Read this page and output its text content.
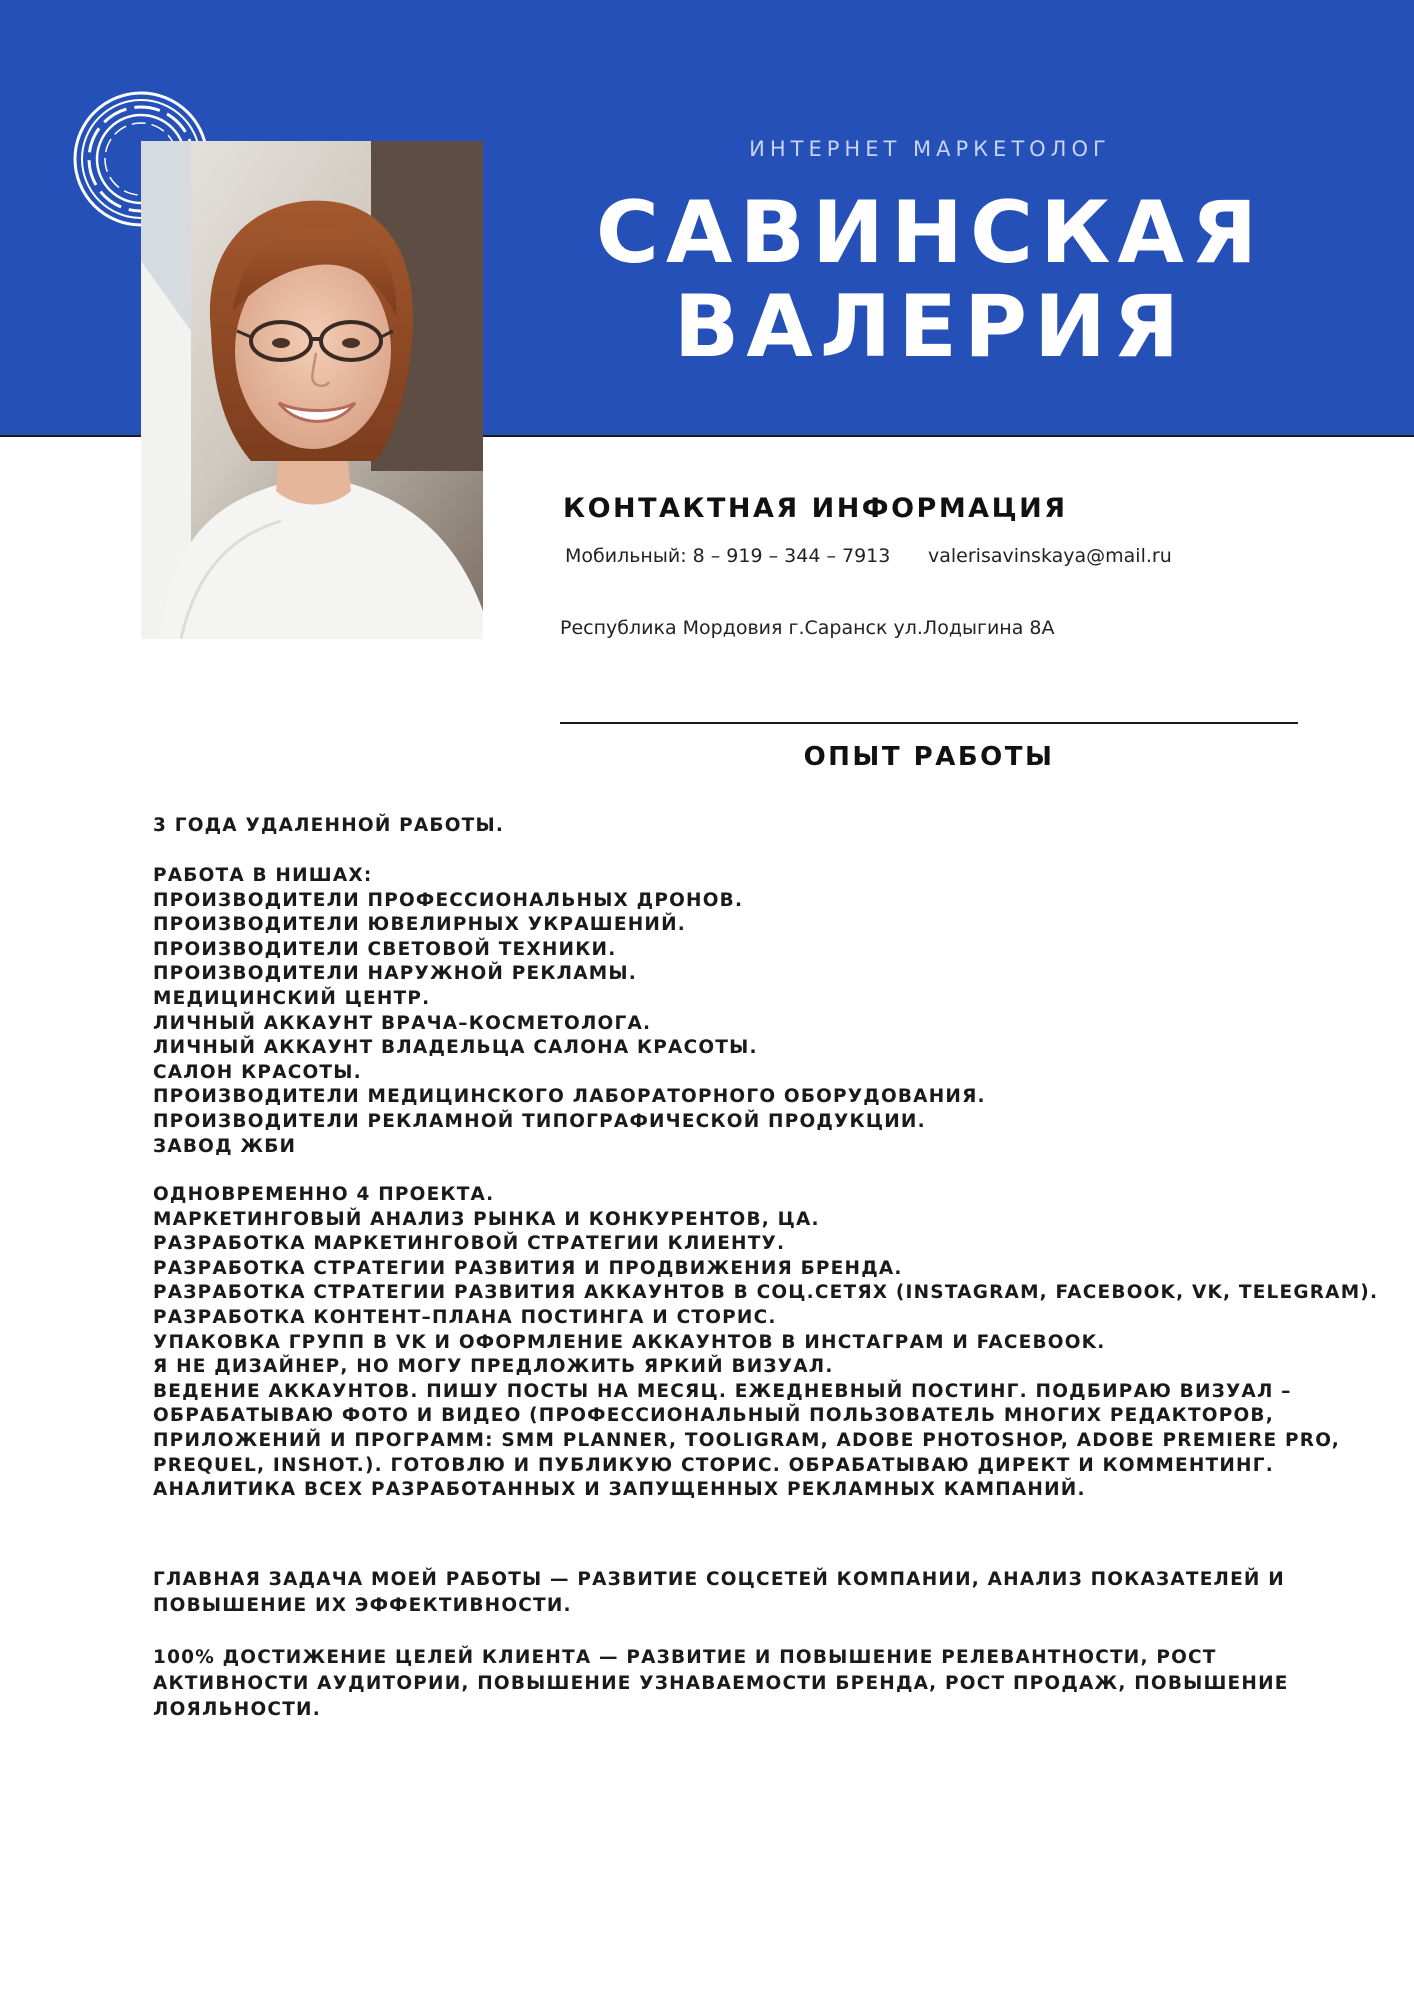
ИНТЕРНЕТ МАРКЕТОЛОГ
САВИНСКАЯ
ВАЛЕРИЯ
КОНТАКТНАЯ ИНФОРМАЦИЯ
Мобильный: 8 – 919 – 344 – 7913 valerisavinskaya@mail.ru
Республика Мордовия г.Саранск ул.Лодыгина 8А
ОПЫТ РАБОТЫ
3 ГОДА УДАЛЕННОЙ РАБОТЫ.
РАБОТА В НИШАХ:
ПРОИЗВОДИТЕЛИ ПРОФЕССИОНАЛЬНЫХ ДРОНОВ.
ПРОИЗВОДИТЕЛИ ЮВЕЛИРНЫХ УКРАШЕНИЙ.
ПРОИЗВОДИТЕЛИ СВЕТОВОЙ ТЕХНИКИ.
ПРОИЗВОДИТЕЛИ НАРУЖНОЙ РЕКЛАМЫ.
МЕДИЦИНСКИЙ ЦЕНТР.
ЛИЧНЫЙ АККАУНТ ВРАЧА–КОСМЕТОЛОГА.
ЛИЧНЫЙ АККАУНТ ВЛАДЕЛЬЦА САЛОНА КРАСОТЫ.
САЛОН КРАСОТЫ.
ПРОИЗВОДИТЕЛИ МЕДИЦИНСКОГО ЛАБОРАТОРНОГО ОБОРУДОВАНИЯ.
ПРОИЗВОДИТЕЛИ РЕКЛАМНОЙ ТИПОГРАФИЧЕСКОЙ ПРОДУКЦИИ.
ЗАВОД ЖБИ
ОДНОВРЕМЕННО 4 ПРОЕКТА.
МАРКЕТИНГОВЫЙ АНАЛИЗ РЫНКА И КОНКУРЕНТОВ, ЦА.
РАЗРАБОТКА МАРКЕТИНГОВОЙ СТРАТЕГИИ КЛИЕНТУ.
РАЗРАБОТКА СТРАТЕГИИ РАЗВИТИЯ И ПРОДВИЖЕНИЯ БРЕНДА.
РАЗРАБОТКА СТРАТЕГИИ РАЗВИТИЯ АККАУНТОВ В СОЦ.СЕТЯХ (INSTAGRAM, FACEBOOK, VK, TELEGRAM).
РАЗРАБОТКА КОНТЕНТ–ПЛАНА ПОСТИНГА И СТОРИС.
УПАКОВКА ГРУПП В VK И ОФОРМЛЕНИЕ АККАУНТОВ В ИНСТАГРАМ И FACEBOOK.
Я НЕ ДИЗАЙНЕР, НО МОГУ ПРЕДЛОЖИТЬ ЯРКИЙ ВИЗУАЛ.
ВЕДЕНИЕ АККАУНТОВ. ПИШУ ПОСТЫ НА МЕСЯЦ. ЕЖЕДНЕВНЫЙ ПОСТИНГ. ПОДБИРАЮ ВИЗУАЛ –
ОБРАБАТЫВАЮ ФОТО И ВИДЕО (ПРОФЕССИОНАЛЬНЫЙ ПОЛЬЗОВАТЕЛЬ МНОГИХ РЕДАКТОРОВ,
ПРИЛОЖЕНИЙ И ПРОГРАММ: SMM PLANNER, TOOLIGRAM, ADOBE PHOTOSHOP, ADOBE PREMIERE PRO,
PREQUEL, INSHOT.). ГОТОВЛЮ И ПУБЛИКУЮ СТОРИС. ОБРАБАТЫВАЮ ДИРЕКТ И КОММЕНТИНГ.
АНАЛИТИКА ВСЕХ РАЗРАБОТАННЫХ И ЗАПУЩЕННЫХ РЕКЛАМНЫХ КАМПАНИЙ.
ГЛАВНАЯ ЗАДАЧА МОЕЙ РАБОТЫ — РАЗВИТИЕ СОЦСЕТЕЙ КОМПАНИИ, АНАЛИЗ ПОКАЗАТЕЛЕЙ И
ПОВЫШЕНИЕ ИХ ЭФФЕКТИВНОСТИ.
100% ДОСТИЖЕНИЕ ЦЕЛЕЙ КЛИЕНТА — РАЗВИТИЕ И ПОВЫШЕНИЕ РЕЛЕВАНТНОСТИ, РОСТ
АКТИВНОСТИ АУДИТОРИИ, ПОВЫШЕНИЕ УЗНАВАЕМОСТИ БРЕНДА, РОСТ ПРОДАЖ, ПОВЫШЕНИЕ
ЛОЯЛЬНОСТИ.
